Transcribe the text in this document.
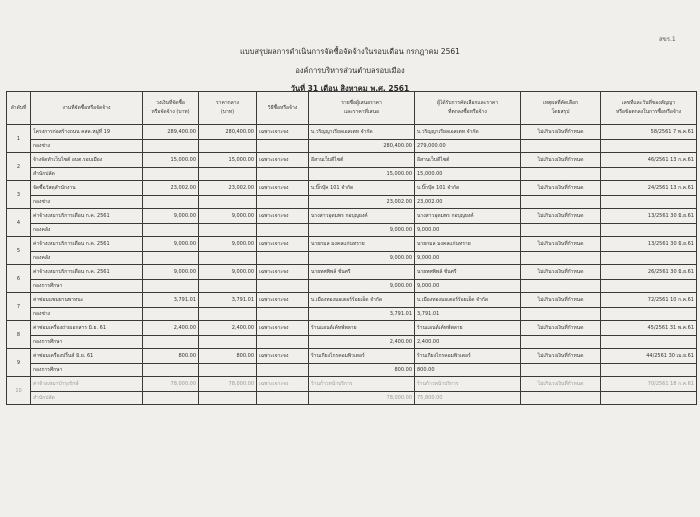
สขร.1
แบบสรุปผลการดำเนินการจัดซื้อจัดจ้างในรอบเดือน กรกฎาคม 2561
องค์การบริหารส่วนตำบลรอบเมือง
วันที่ 31 เดือน สิงหาคม พ.ศ. 2561
ลำดับที่	งานที่จัดซื้อหรือจัดจ้าง	วงเงินที่จัดซื้อ
หรือจัดจ้าง (บาท)	ราคากลาง
(บาท)	วิธีซื้อหรือจ้าง	รายชื่อผู้เสนอราคา
และราคาที่เสนอ	ผู้ได้รับการคัดเลือกและราคา
ที่ตกลงซื้อหรือจ้าง	เหตุผลที่คัดเลือก
โดยสรุป	เลขที่และวันที่ของสัญญา
หรือข้อตกลงในการซื้อหรือจ้าง
1	โครงการก่อสร้างถนน คสล.หมู่ที่ 19	289,400.00	280,400.00	เฉพาะเจาะจง	บ.วริญญาเรียลเอสเตท จำกัด	บ.วริญญาเรียลเอสเตท จำกัด	ไม่เกินวงเงินที่กำหนด	58/2561 7 พ.ค.61
	กองช่าง				280,400.00	279,000.00		
2	จ้างจัดทำเว็บไซต์ อบต.รอบเมือง	15,000.00	15,000.00	เฉพาะเจาะจง	อีสานเว็บดีไซต์	อีสานเว็บดีไซต์	ไม่เกินวงเงินที่กำหนด	46/2561 13 ก.ค.61
	สำนักปลัด				15,000.00	15,000.00		
3	จัดซื้อวัสดุสำนักงาน	23,002.00	23,002.00	เฉพาะเจาะจง	บ.บิ๊กบุ๊ค 101 จำกัด	บ.บิ๊กบุ๊ค 101 จำกัด	ไม่เกินวงเงินที่กำหนด	24/2561 13 ก.ค.61
	กองช่าง				23,002.00	23,002.00		
4	ค่าจ้างเหมาบริการเดือน ก.ค. 2561	9,000.00	9,000.00	เฉพาะเจาะจง	นางสาวอุดมพร กอบุญยงค์	นางสาวอุดมพร กอบุญยงค์	ไม่เกินวงเงินที่กำหนด	13/2561 30 มิ.ย.61
	กองคลัง				9,000.00	9,000.00		
5	ค่าจ้างเหมาบริการเดือน ก.ค. 2561	9,000.00	9,000.00	เฉพาะเจาะจง	นายกมล มงคลแก่นทราย	นายกมล มงคลแก่นทราย	ไม่เกินวงเงินที่กำหนด	13/2561 30 มิ.ย.61
	กองคลัง				9,000.00	9,000.00		
6	ค่าจ้างเหมาบริการเดือน ก.ค. 2561	9,000.00	9,000.00	เฉพาะเจาะจง	นายทศพิพล์ ชั่นศรี	นายทศพิพล์ ชั่นศรี	ไม่เกินวงเงินที่กำหนด	26/2561 30 มิ.ย.61
	กองการศึกษา				9,000.00	9,000.00		
7	ค่าซ่อมแซมยานพาหนะ	3,791.01	3,791.01	เฉพาะเจาะจง	บ.เมืองทองมอเตอร์ร้อยเอ็ด จำกัด	บ.เมืองทองมอเตอร์ร้อยเอ็ด จำกัด	ไม่เกินวงเงินที่กำหนด	72/2561 10 ก.ค.61
	กองช่าง				3,791.01	3,791.01		
8	ค่าซ่อมเครื่องถ่ายเอกสาร มิ.ย. 61	2,400.00	2,400.00	เฉพาะเจาะจง	ร้านแอนด์เค้ทพ์พลาย	ร้านแอนด์เค้ทพ์พลาย	ไม่เกินวงเงินที่กำหนด	45/2561 31 พ.ค.61
	กองการศึกษา				2,400.00	2,400.00		
9	ค่าซ่อมเครื่องปริ้นส์ มิ.ย. 61	800.00	800.00	เฉพาะเจาะจง	ร้านเกียงไกรคอมพิวเตอร์	ร้านเกียงไกรคอมพิวเตอร์	ไม่เกินวงเงินที่กำหนด	44/2561 30 เม.ย.61
	กองการศึกษา				800.00	800.00		
10	ค่าจ้างเหมาบำรุงรักษ์	78,000.00	78,000.00	เฉพาะเจาะจง	ร้านก้าวหน้าบริการ	ร้านก้าวหน้าบริการ	ไม่เกินวงเงินที่กำหนด	70/2561 18 ก.ค.61
	สำนักปลัด				78,000.00	75,800.00		
